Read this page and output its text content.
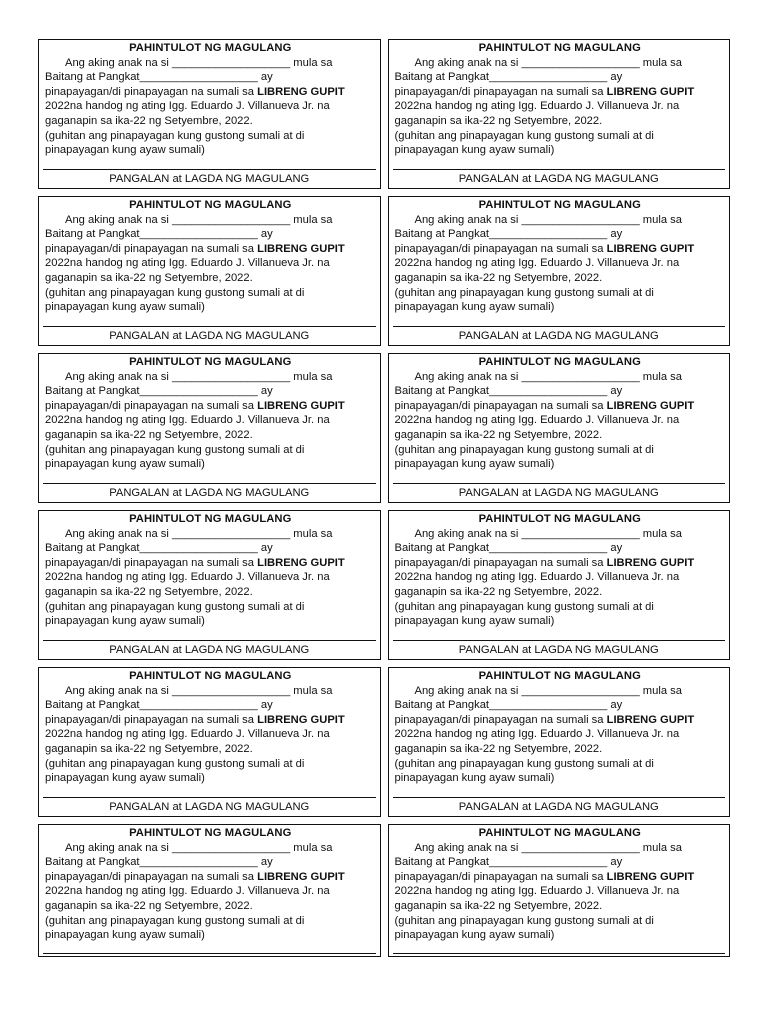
PAHINTULOT NG MAGULANG
Ang aking anak na si ___________________ mula sa
Baitang at Pangkat___________________ ay
pinapayagan/di pinapayagan na sumali sa LIBRENG GUPIT
2022na handog ng ating Igg. Eduardo J. Villanueva Jr. na
gaganapin sa ika-22 ng Setyembre, 2022.
(guhitan ang pinapayagan kung gustong sumali at di
pinapayagan kung ayaw sumali)
PANGALAN at LAGDA NG MAGULANG
PAHINTULOT NG MAGULANG
Ang aking anak na si ___________________ mula sa
Baitang at Pangkat___________________ ay
pinapayagan/di pinapayagan na sumali sa LIBRENG GUPIT
2022na handog ng ating Igg. Eduardo J. Villanueva Jr. na
gaganapin sa ika-22 ng Setyembre, 2022.
(guhitan ang pinapayagan kung gustong sumali at di
pinapayagan kung ayaw sumali)
PANGALAN at LAGDA NG MAGULANG
PAHINTULOT NG MAGULANG
Ang aking anak na si ___________________ mula sa
Baitang at Pangkat___________________ ay
pinapayagan/di pinapayagan na sumali sa LIBRENG GUPIT
2022na handog ng ating Igg. Eduardo J. Villanueva Jr. na
gaganapin sa ika-22 ng Setyembre, 2022.
(guhitan ang pinapayagan kung gustong sumali at di
pinapayagan kung ayaw sumali)
PANGALAN at LAGDA NG MAGULANG
PAHINTULOT NG MAGULANG
Ang aking anak na si ___________________ mula sa
Baitang at Pangkat___________________ ay
pinapayagan/di pinapayagan na sumali sa LIBRENG GUPIT
2022na handog ng ating Igg. Eduardo J. Villanueva Jr. na
gaganapin sa ika-22 ng Setyembre, 2022.
(guhitan ang pinapayagan kung gustong sumali at di
pinapayagan kung ayaw sumali)
PANGALAN at LAGDA NG MAGULANG
PAHINTULOT NG MAGULANG
Ang aking anak na si ___________________ mula sa
Baitang at Pangkat___________________ ay
pinapayagan/di pinapayagan na sumali sa LIBRENG GUPIT
2022na handog ng ating Igg. Eduardo J. Villanueva Jr. na
gaganapin sa ika-22 ng Setyembre, 2022.
(guhitan ang pinapayagan kung gustong sumali at di
pinapayagan kung ayaw sumali)
PANGALAN at LAGDA NG MAGULANG
PAHINTULOT NG MAGULANG
Ang aking anak na si ___________________ mula sa
Baitang at Pangkat___________________ ay
pinapayagan/di pinapayagan na sumali sa LIBRENG GUPIT
2022na handog ng ating Igg. Eduardo J. Villanueva Jr. na
gaganapin sa ika-22 ng Setyembre, 2022.
(guhitan ang pinapayagan kung gustong sumali at di
pinapayagan kung ayaw sumali)
PAHINTULOT NG MAGULANG
Ang aking anak na si ___________________ mula sa
Baitang at Pangkat___________________ ay
pinapayagan/di pinapayagan na sumali sa LIBRENG GUPIT
2022na handog ng ating Igg. Eduardo J. Villanueva Jr. na
gaganapin sa ika-22 ng Setyembre, 2022.
(guhitan ang pinapayagan kung gustong sumali at di
pinapayagan kung ayaw sumali)
PANGALAN at LAGDA NG MAGULANG
PAHINTULOT NG MAGULANG
Ang aking anak na si ___________________ mula sa
Baitang at Pangkat___________________ ay
pinapayagan/di pinapayagan na sumali sa LIBRENG GUPIT
2022na handog ng ating Igg. Eduardo J. Villanueva Jr. na
gaganapin sa ika-22 ng Setyembre, 2022.
(guhitan ang pinapayagan kung gustong sumali at di
pinapayagan kung ayaw sumali)
PANGALAN at LAGDA NG MAGULANG
PAHINTULOT NG MAGULANG
Ang aking anak na si ___________________ mula sa
Baitang at Pangkat___________________ ay
pinapayagan/di pinapayagan na sumali sa LIBRENG GUPIT
2022na handog ng ating Igg. Eduardo J. Villanueva Jr. na
gaganapin sa ika-22 ng Setyembre, 2022.
(guhitan ang pinapayagan kung gustong sumali at di
pinapayagan kung ayaw sumali)
PANGALAN at LAGDA NG MAGULANG
PAHINTULOT NG MAGULANG
Ang aking anak na si ___________________ mula sa
Baitang at Pangkat___________________ ay
pinapayagan/di pinapayagan na sumali sa LIBRENG GUPIT
2022na handog ng ating Igg. Eduardo J. Villanueva Jr. na
gaganapin sa ika-22 ng Setyembre, 2022.
(guhitan ang pinapayagan kung gustong sumali at di
pinapayagan kung ayaw sumali)
PANGALAN at LAGDA NG MAGULANG
PAHINTULOT NG MAGULANG
Ang aking anak na si ___________________ mula sa
Baitang at Pangkat___________________ ay
pinapayagan/di pinapayagan na sumali sa LIBRENG GUPIT
2022na handog ng ating Igg. Eduardo J. Villanueva Jr. na
gaganapin sa ika-22 ng Setyembre, 2022.
(guhitan ang pinapayagan kung gustong sumali at di
pinapayagan kung ayaw sumali)
PANGALAN at LAGDA NG MAGULANG
PAHINTULOT NG MAGULANG
Ang aking anak na si ___________________ mula sa
Baitang at Pangkat___________________ ay
pinapayagan/di pinapayagan na sumali sa LIBRENG GUPIT
2022na handog ng ating Igg. Eduardo J. Villanueva Jr. na
gaganapin sa ika-22 ng Setyembre, 2022.
(guhitan ang pinapayagan kung gustong sumali at di
pinapayagan kung ayaw sumali)
